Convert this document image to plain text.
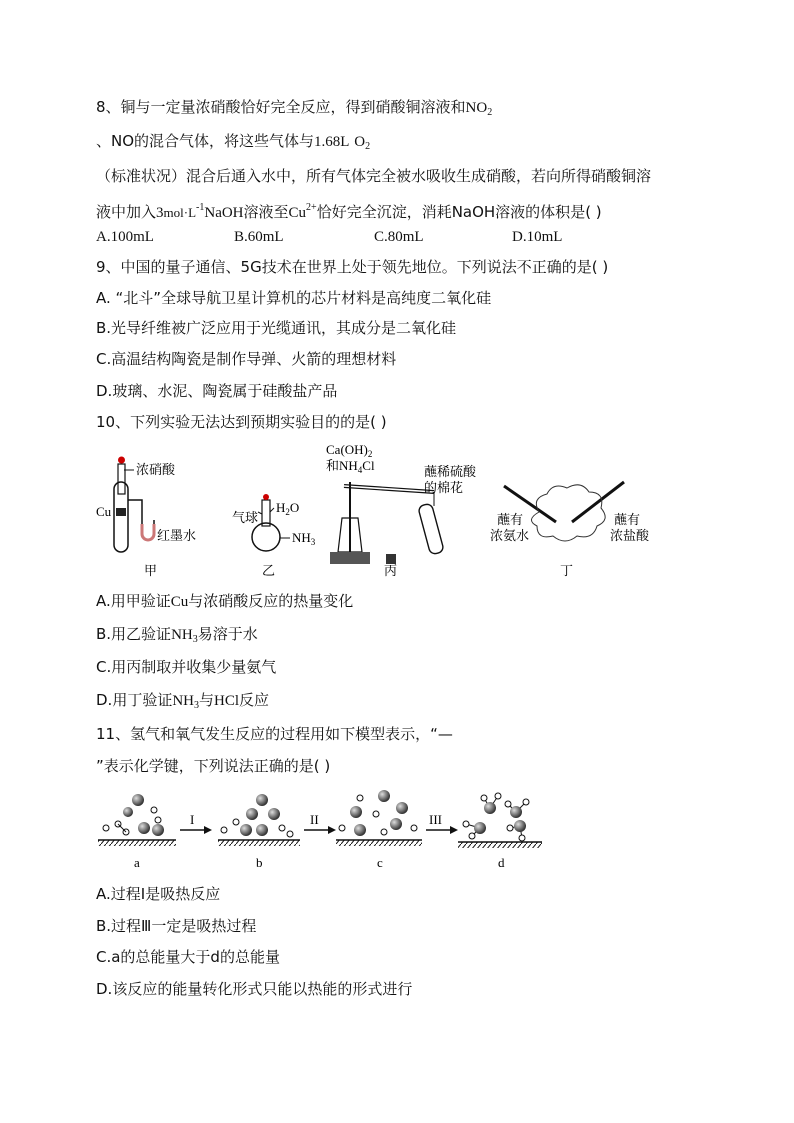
8、铜与一定量浓硝酸恰好完全反应，得到硝酸铜溶液和$NO_2$
、NO的混合气体，将这些气体与1.68L $O_2$
（标准状况）混合后通入水中，所有气体完全被水吸收生成硝酸，若向所得硝酸铜溶
液中加入$3mol\cdot L^{-1}NaOH$溶液至$Cu^{2+}$恰好完全沉淀，消耗NaOH溶液的体积是( )
A.100mL	B.60mL	C.80mL	D.10mL
9、中国的量子通信、5G技术在世界上处于领先地位。下列说法不正确的是( )
A. “北斗”全球导航卫星计算机的芯片材料是高纯度二氧化硅
B.光导纤维被广泛应用于光缆通讯，其成分是二氧化硅
C.高温结构陶瓷是制作导弹、火箭的理想材料
D.玻璃、水泥、陶瓷属于硅酸盐产品
10、下列实验无法达到预期实验目的的是( )
浓硝酸
Cu
红墨水
甲
气球
$H_2O$
$NH_3$
乙
$Ca(OH)_2$
和$NH_4Cl$	蘸稀硫酸
的棉花
丙
蘸有
浓氨水
蘸有
浓盐酸
丁
A.用甲验证Cu与浓硝酸反应的热量变化
B.用乙验证$NH_3$易溶于水
C.用丙制取并收集少量氨气
D.用丁验证$NH_3$与HCl反应
11、氢气和氧气发生反应的过程用如下模型表示，“—
”表示化学键，下列说法正确的是( )
a
I
b
II
c
III
d
A.过程Ⅰ是吸热反应
B.过程Ⅲ一定是吸热过程
C.a的总能量大于d的总能量
D.该反应的能量转化形式只能以热能的形式进行
